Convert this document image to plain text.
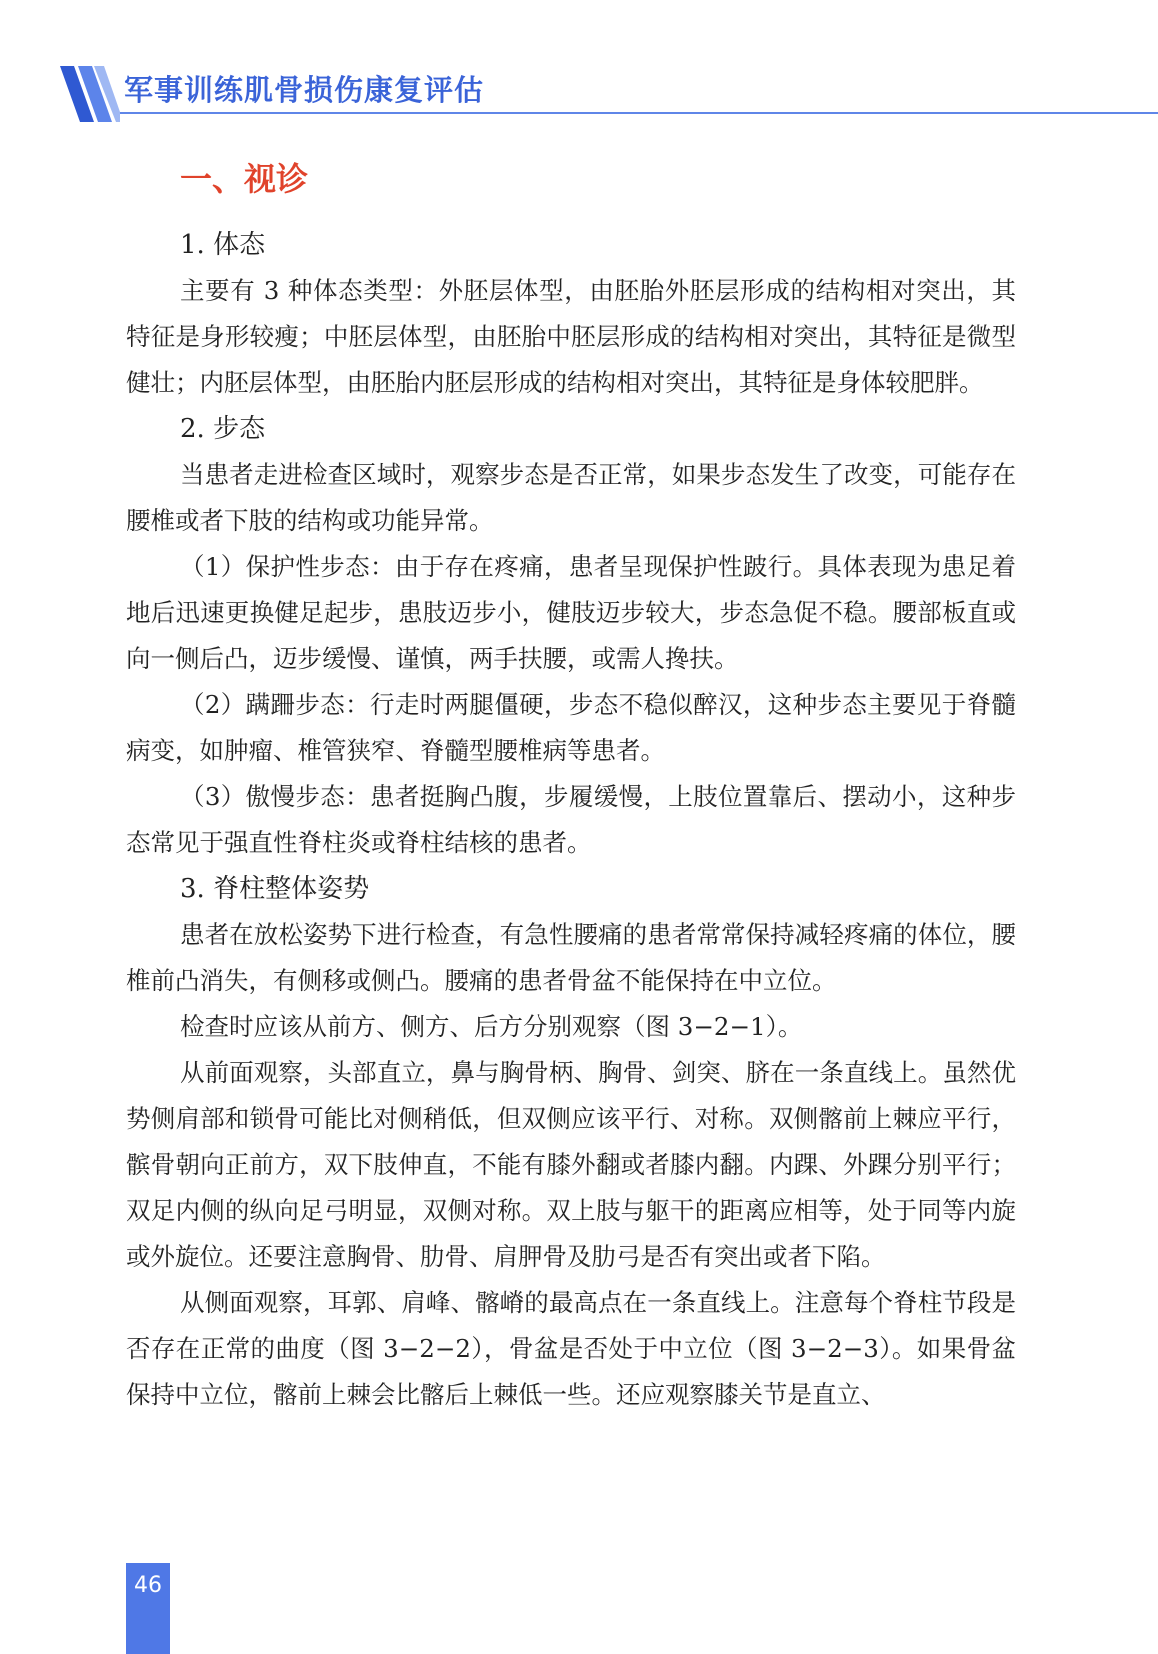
军事训练肌骨损伤康复评估
一、视诊
1. 体态

主要有 3 种体态类型：外胚层体型，由胚胎外胚层形成的结构相对突出，其特征是身形较瘦；中胚层体型，由胚胎中胚层形成的结构相对突出，其特征是微型健壮；内胚层体型，由胚胎内胚层形成的结构相对突出，其特征是身体较肥胖。

2. 步态

当患者走进检查区域时，观察步态是否正常，如果步态发生了改变，可能存在腰椎或者下肢的结构或功能异常。

（1）保护性步态：由于存在疼痛，患者呈现保护性跛行。具体表现为患足着地后迅速更换健足起步，患肢迈步小，健肢迈步较大，步态急促不稳。腰部板直或向一侧后凸，迈步缓慢、谨慎，两手扶腰，或需人搀扶。

（2）蹒跚步态：行走时两腿僵硬，步态不稳似醉汉，这种步态主要见于脊髓病变，如肿瘤、椎管狭窄、脊髓型腰椎病等患者。

（3）傲慢步态：患者挺胸凸腹，步履缓慢，上肢位置靠后、摆动小，这种步态常见于强直性脊柱炎或脊柱结核的患者。

3. 脊柱整体姿势

患者在放松姿势下进行检查，有急性腰痛的患者常常保持减轻疼痛的体位，腰椎前凸消失，有侧移或侧凸。腰痛的患者骨盆不能保持在中立位。

检查时应该从前方、侧方、后方分别观察（图 3−2−1）。

从前面观察，头部直立，鼻与胸骨柄、胸骨、剑突、脐在一条直线上。虽然优势侧肩部和锁骨可能比对侧稍低，但双侧应该平行、对称。双侧髂前上棘应平行，髌骨朝向正前方，双下肢伸直，不能有膝外翻或者膝内翻。内踝、外踝分别平行；双足内侧的纵向足弓明显，双侧对称。双上肢与躯干的距离应相等，处于同等内旋或外旋位。还要注意胸骨、肋骨、肩胛骨及肋弓是否有突出或者下陷。

从侧面观察，耳郭、肩峰、髂嵴的最高点在一条直线上。注意每个脊柱节段是否存在正常的曲度（图 3−2−2），骨盆是否处于中立位（图 3−2−3）。如果骨盆保持中立位，髂前上棘会比髂后上棘低一些。还应观察膝关节是直立、

46
